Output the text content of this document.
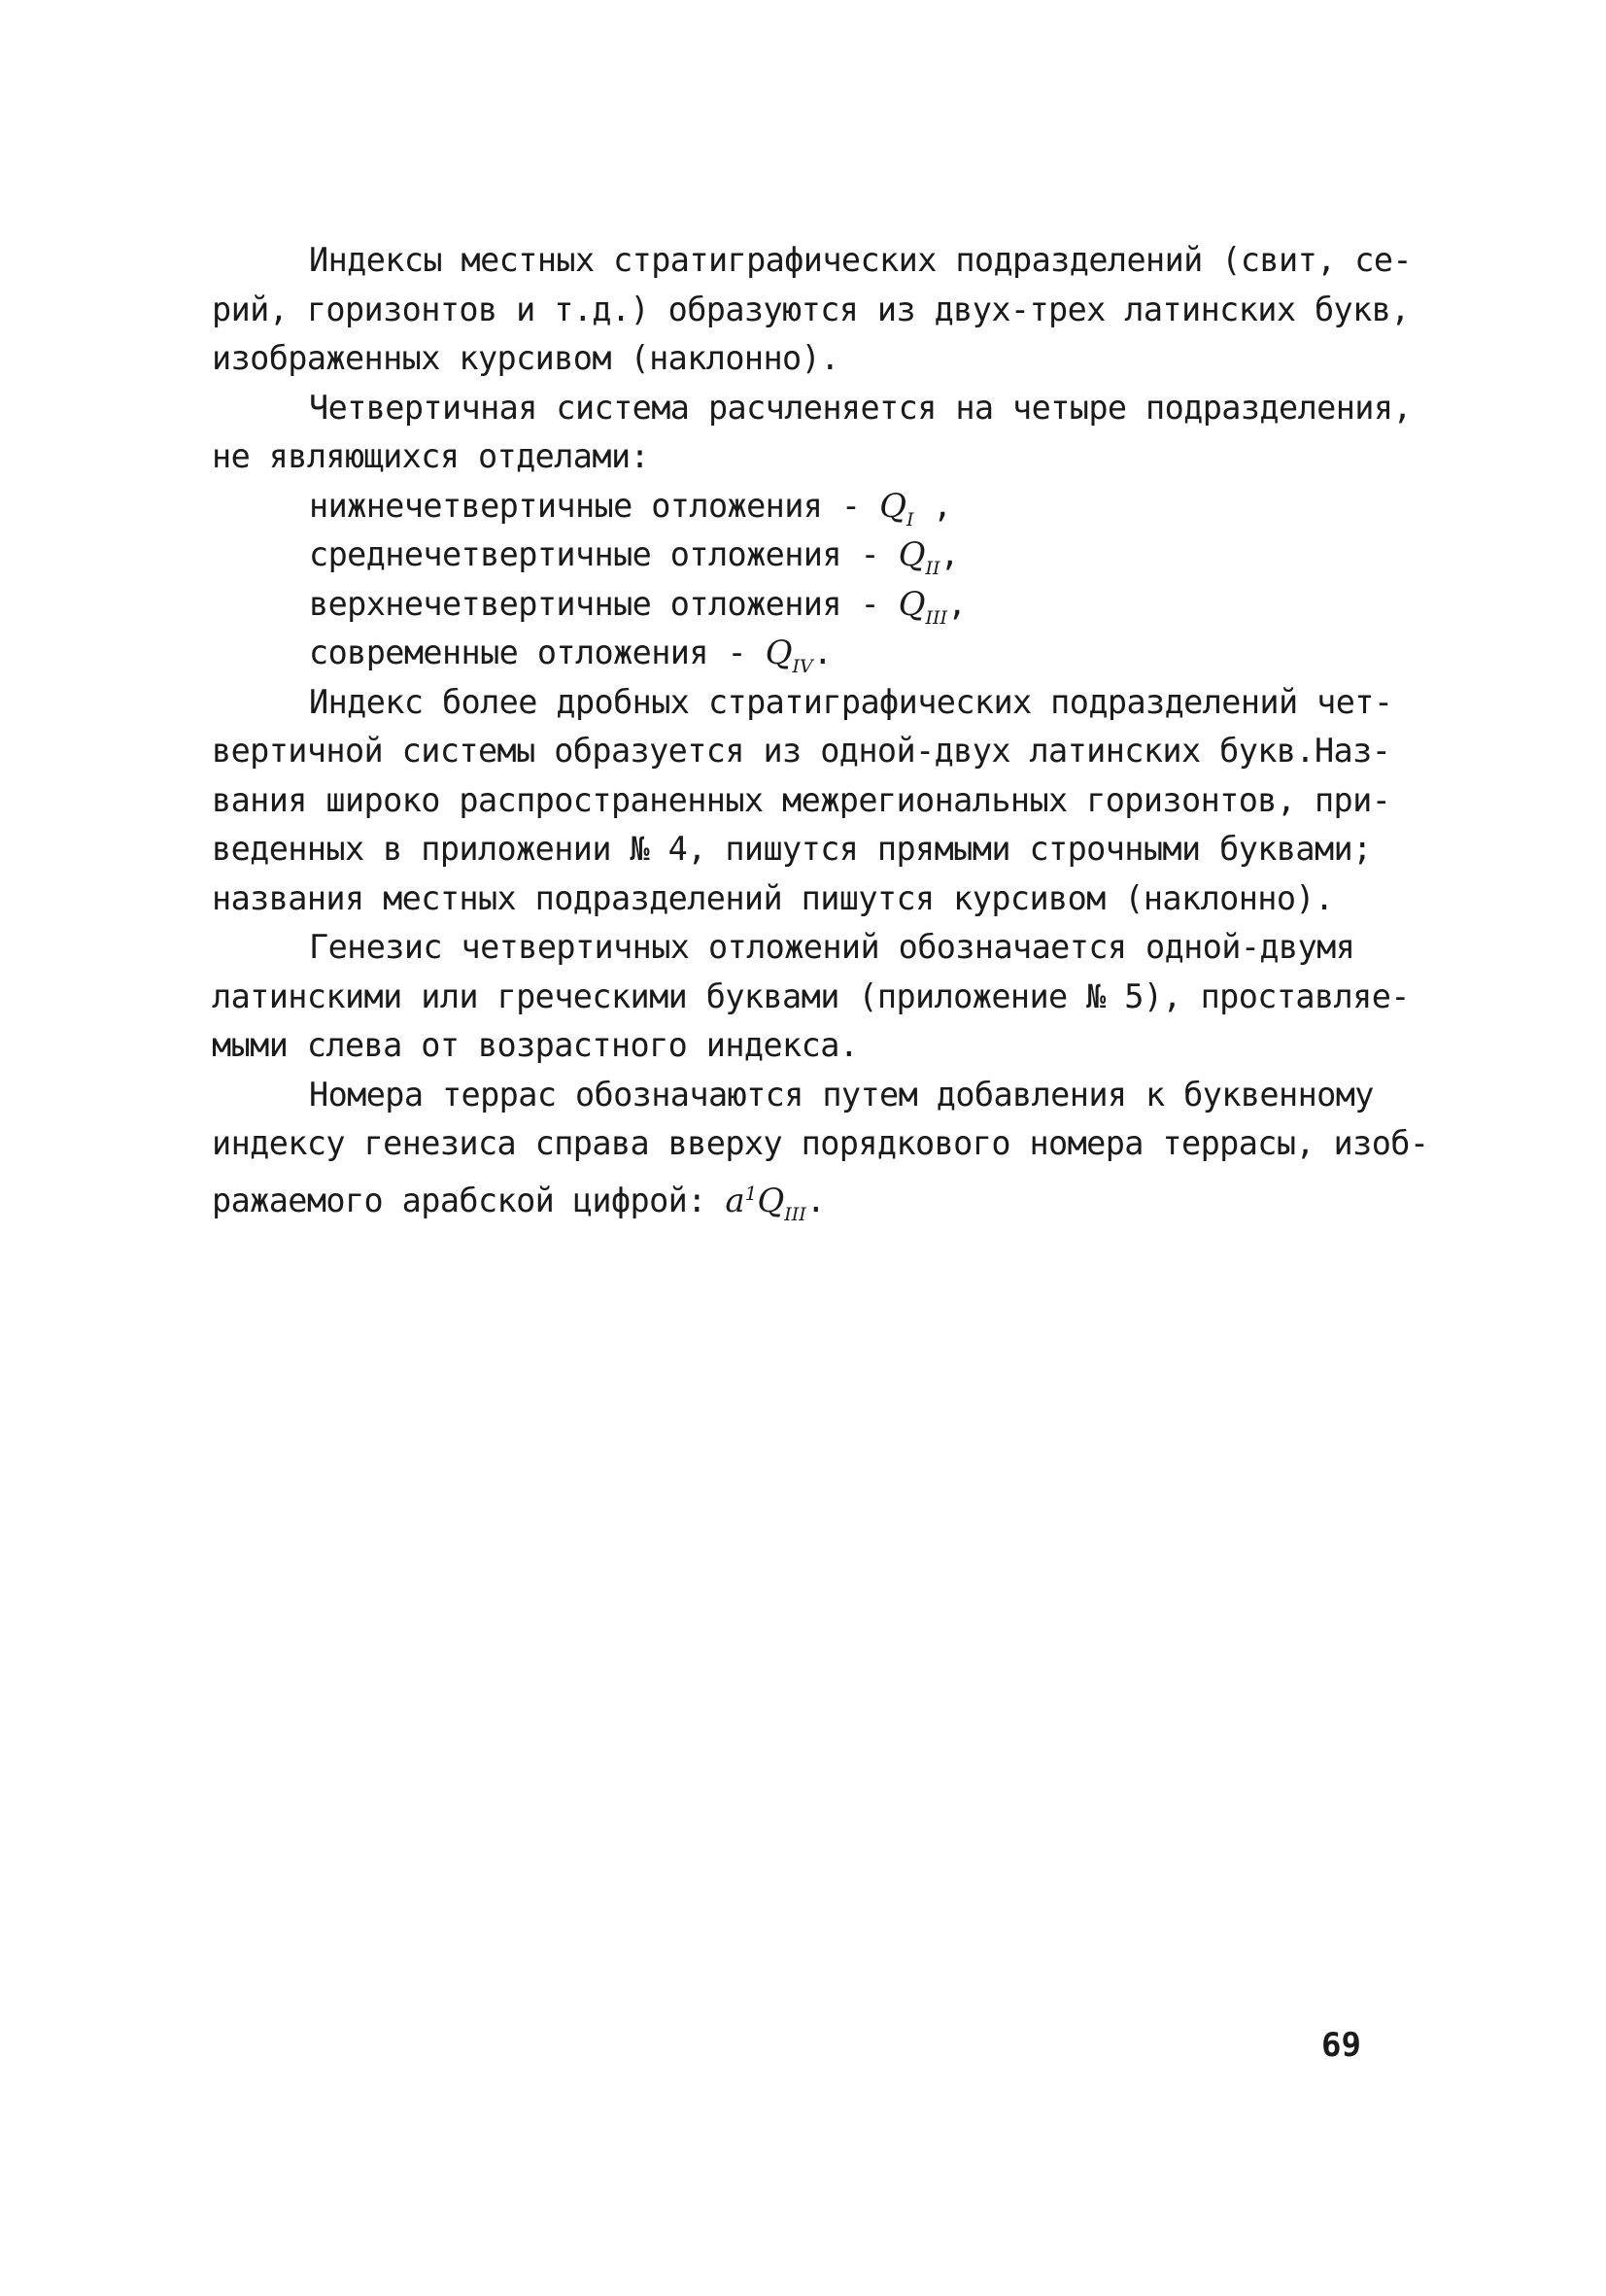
Индексы местных стратиграфических подразделений (свит, се-
рий, горизонтов и т.д.) образуются из двух-трех латинских букв,
изображенных курсивом (наклонно).
Четвертичная система расчленяется на четыре подразделения,
не являющихся отделами:
нижнечетвертичные отложения - $Q_I$ ,
среднечетвертичные отложения - $Q_{II}$,
верхнечетвертичные отложения - $Q_{III}$,
современные отложения - $Q_{IV}$.
Индекс более дробных стратиграфических подразделений чет-
вертичной системы образуется из одной-двух латинских букв.Наз-
вания широко распространенных межрегиональных горизонтов, при-
веденных в приложении № 4, пишутся прямыми строчными буквами;
названия местных подразделений пишутся курсивом (наклонно).
Генезис четвертичных отложений обозначается одной-двумя
латинскими или греческими буквами (приложение № 5), проставляе-
мыми слева от возрастного индекса.
Номера террас обозначаются путем добавления к буквенному
индексу генезиса справа вверху порядкового номера террасы, изоб-
ражаемого арабской цифрой: $a^1Q_{III}$.
69
